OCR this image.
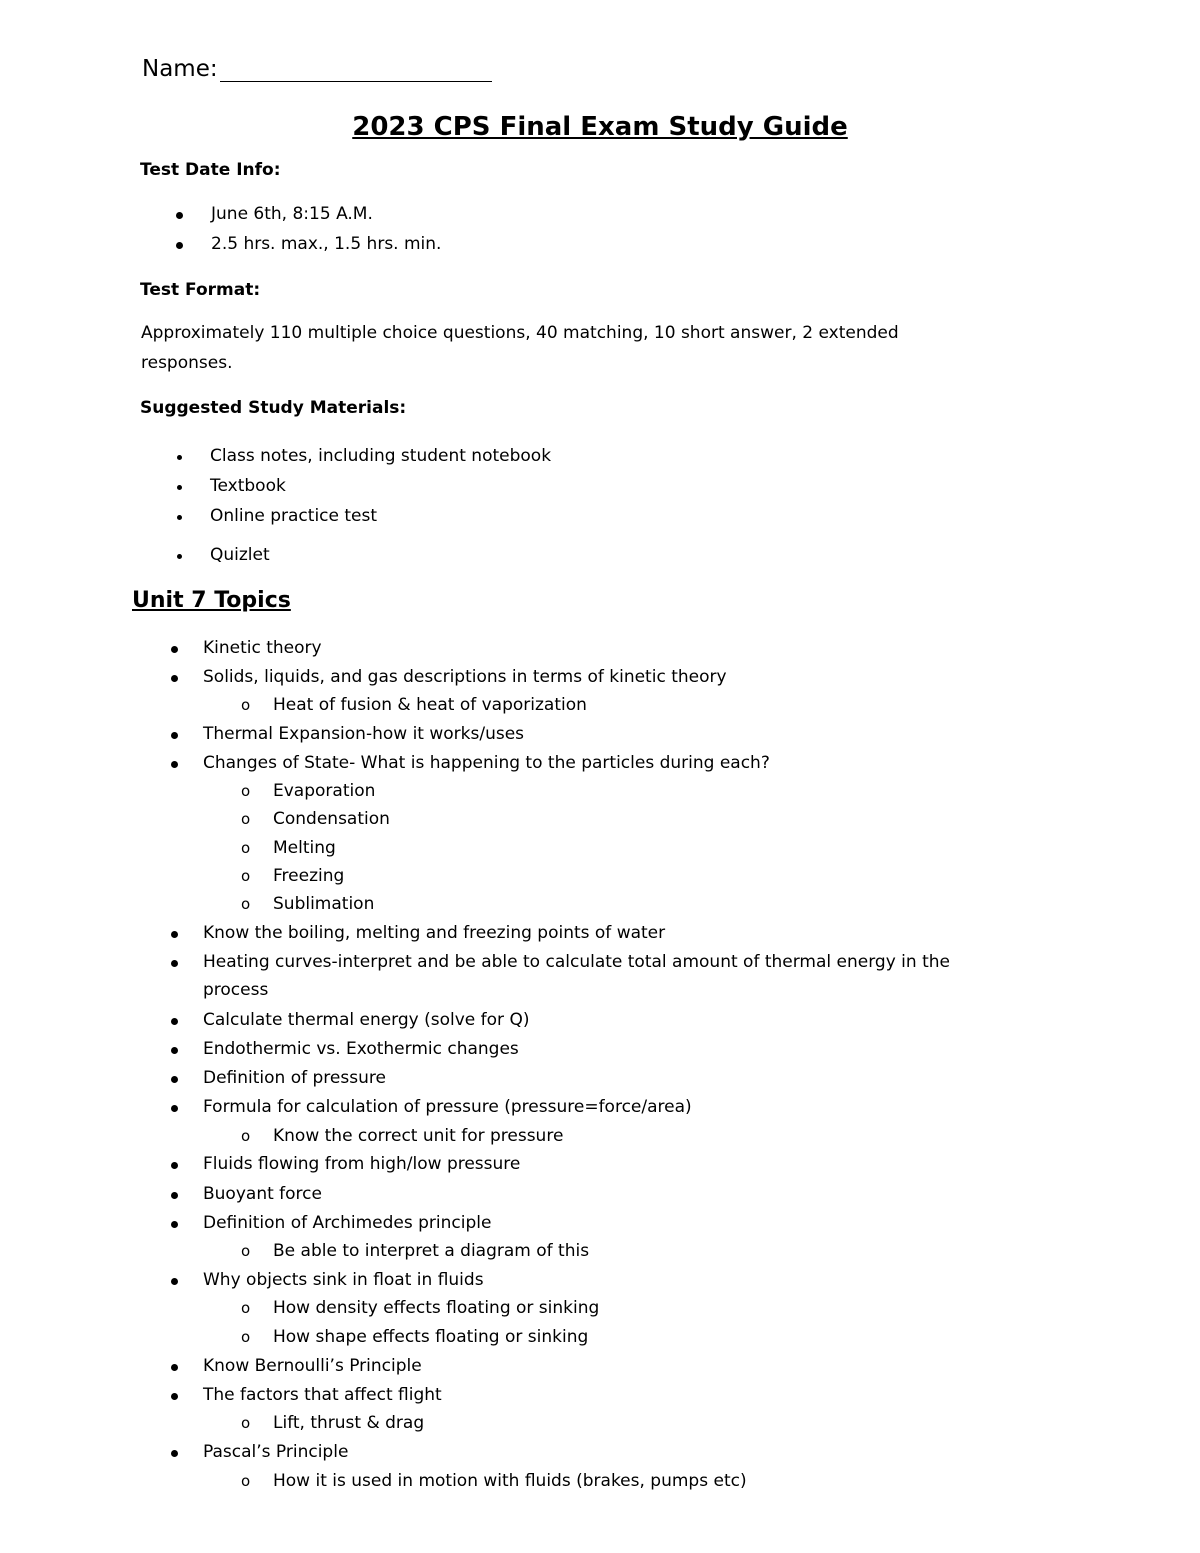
Name:
2023 CPS Final Exam Study Guide
Test Date Info:
June 6th, 8:15 A.M.
2.5 hrs. max., 1.5 hrs. min.
Test Format:
Approximately 110 multiple choice questions, 40 matching, 10 short answer, 2 extended
responses.
Suggested Study Materials:
Class notes, including student notebook
Textbook
Online practice test
Quizlet
Unit 7 Topics
Kinetic theory
Solids, liquids, and gas descriptions in terms of kinetic theory
o Heat of fusion & heat of vaporization
Thermal Expansion-how it works/uses
Changes of State- What is happening to the particles during each?
o Evaporation
o Condensation
o Melting
o Freezing
o Sublimation
Know the boiling, melting and freezing points of water
Heating curves-interpret and be able to calculate total amount of thermal energy in the
process
Calculate thermal energy (solve for Q)
Endothermic vs. Exothermic changes
Definition of pressure
Formula for calculation of pressure (pressure=force/area)
o Know the correct unit for pressure
Fluids flowing from high/low pressure
Buoyant force
Definition of Archimedes principle
o Be able to interpret a diagram of this
Why objects sink in float in fluids
o How density effects floating or sinking
o How shape effects floating or sinking
Know Bernoulli’s Principle
The factors that affect flight
o Lift, thrust & drag
Pascal’s Principle
o How it is used in motion with fluids (brakes, pumps etc)
